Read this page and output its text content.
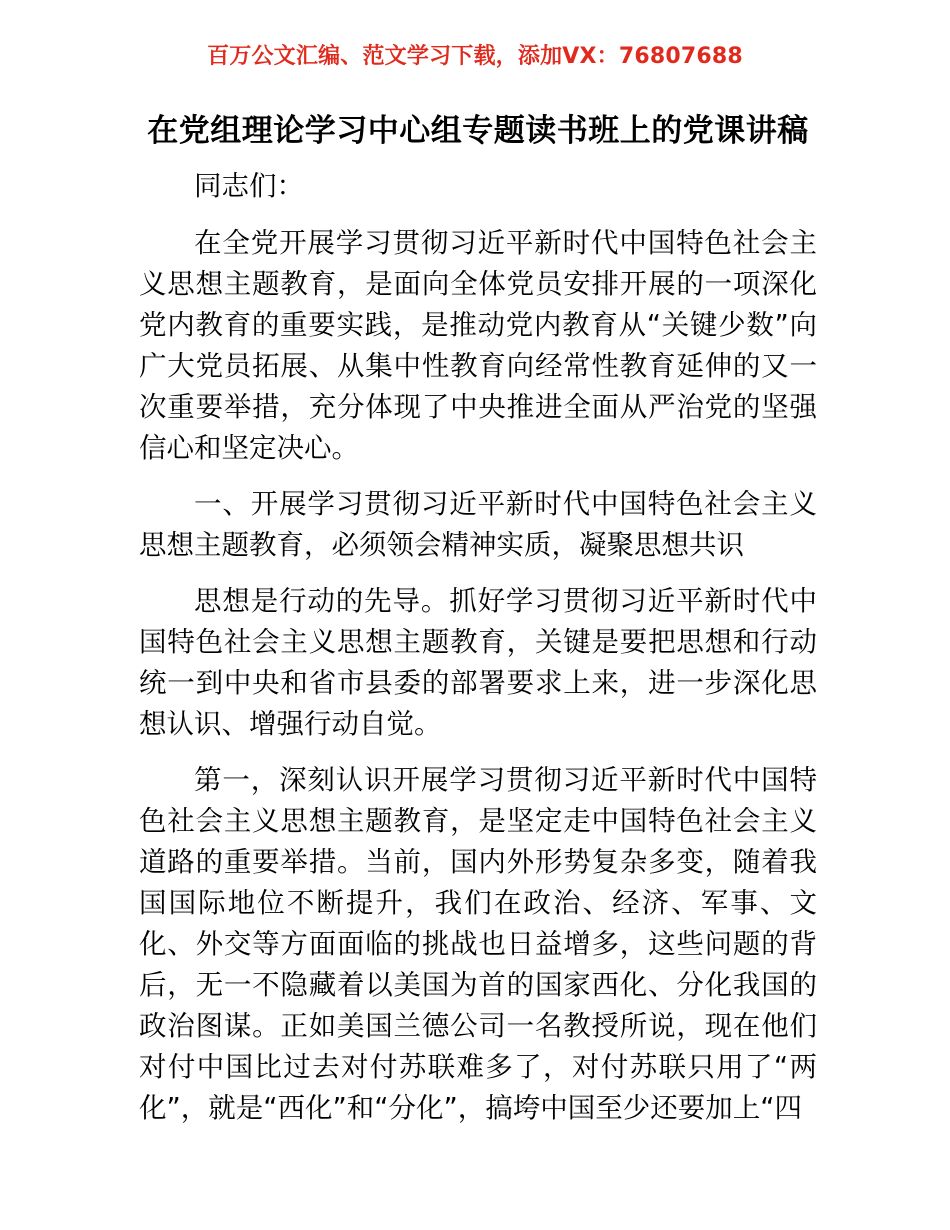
百万公文汇编、范文学习下载，添加VX：76807688
在党组理论学习中心组专题读书班上的党课讲稿

同志们：

在全党开展学习贯彻习近平新时代中国特色社会主义思想主题教育，是面向全体党员安排开展的一项深化党内教育的重要实践，是推动党内教育从“关键少数”向广大党员拓展、从集中性教育向经常性教育延伸的又一次重要举措，充分体现了中央推进全面从严治党的坚强信心和坚定决心。

一、开展学习贯彻习近平新时代中国特色社会主义思想主题教育，必须领会精神实质，凝聚思想共识

思想是行动的先导。抓好学习贯彻习近平新时代中国特色社会主义思想主题教育，关键是要把思想和行动统一到中央和省市县委的部署要求上来，进一步深化思想认识、增强行动自觉。

第一，深刻认识开展学习贯彻习近平新时代中国特色社会主义思想主题教育，是坚定走中国特色社会主义道路的重要举措。当前，国内外形势复杂多变，随着我国国际地位不断提升，我们在政治、经济、军事、文化、外交等方面面临的挑战也日益增多，这些问题的背后，无一不隐藏着以美国为首的国家西化、分化我国的政治图谋。正如美国兰德公司一名教授所说，现在他们对付中国比过去对付苏联难多了，对付苏联只用了“两化”，就是“西化”和“分化”，搞垮中国至少还要加上“四
